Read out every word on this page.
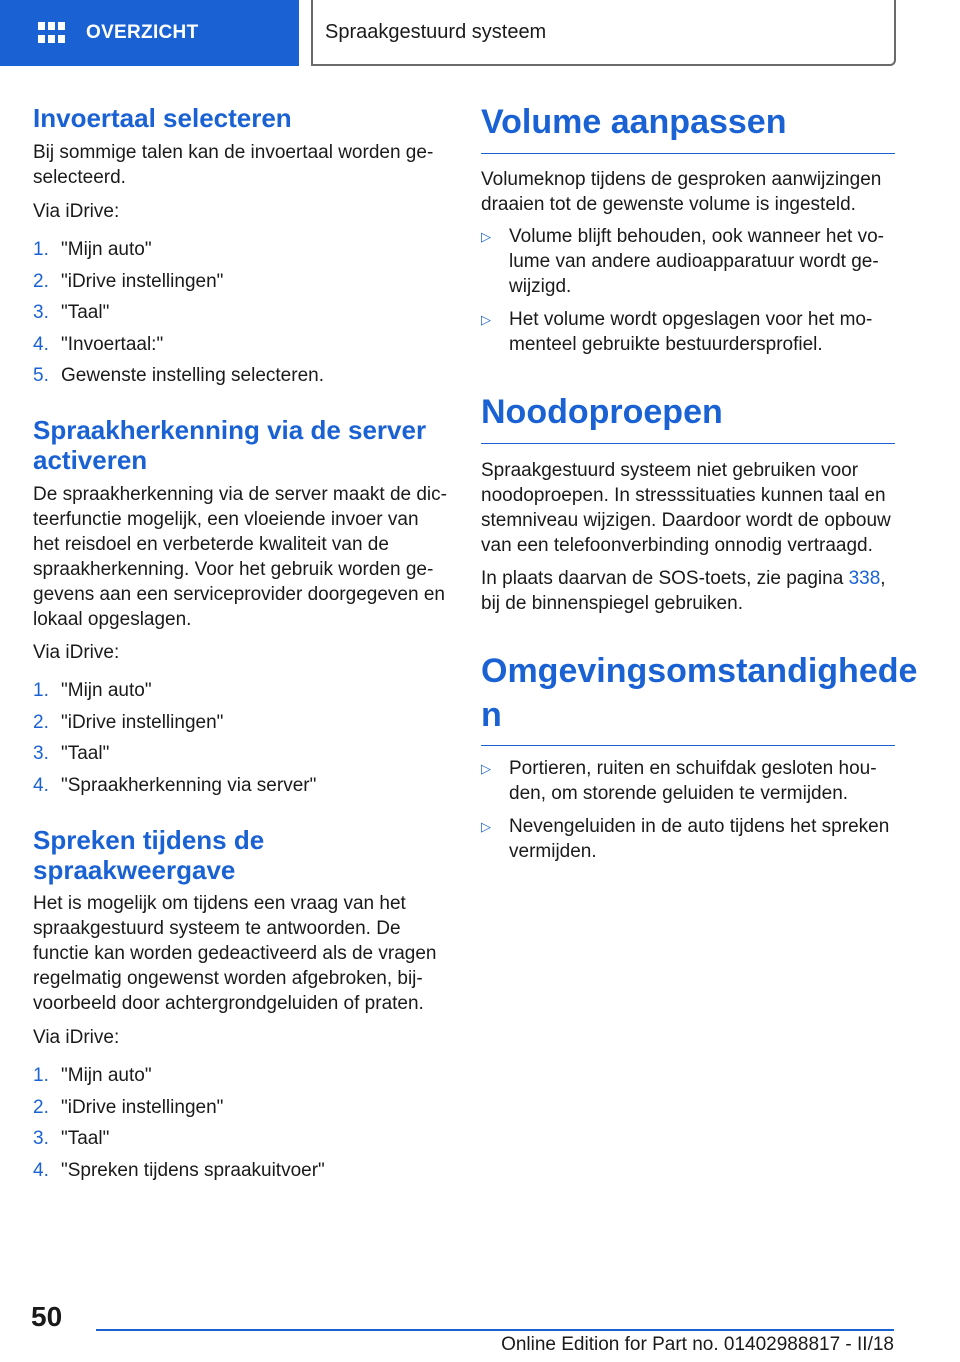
OVERZICHT	Spraakgestuurd systeem
Invoertaal selecteren

Bij sommige talen kan de invoertaal worden ge-
selecteerd.

Via iDrive:

1. "Mijn auto"
2. "iDrive instellingen"
3. "Taal"
4. "Invoertaal:"
5. Gewenste instelling selecteren.
Spraakherkenning via de server
activeren

De spraakherkenning via de server maakt de dic-
teerfunctie mogelijk, een vloeiende invoer van
het reisdoel en verbeterde kwaliteit van de
spraakherkenning. Voor het gebruik worden ge-
gevens aan een serviceprovider doorgegeven en
lokaal opgeslagen.

Via iDrive:

1. "Mijn auto"
2. "iDrive instellingen"
3. "Taal"
4. "Spraakherkenning via server"
Spreken tijdens de
spraakweergave

Het is mogelijk om tijdens een vraag van het
spraakgestuurd systeem te antwoorden. De
functie kan worden gedeactiveerd als de vragen
regelmatig ongewenst worden afgebroken, bij-
voorbeeld door achtergrondgeluiden of praten.

Via iDrive:

1. "Mijn auto"
2. "iDrive instellingen"
3. "Taal"
4. "Spreken tijdens spraakuitvoer"
Volume aanpassen

Volumeknop tijdens de gesproken aanwijzingen
draaien tot de gewenste volume is ingesteld.

▷ Volume blijft behouden, ook wanneer het vo-
lume van andere audioapparatuur wordt ge-
wijzigd.
▷ Het volume wordt opgeslagen voor het mo-
menteel gebruikte bestuurdersprofiel.
Noodoproepen

Spraakgestuurd systeem niet gebruiken voor
noodoproepen. In stresssituaties kunnen taal en
stemniveau wijzigen. Daardoor wordt de opbouw
van een telefoonverbinding onnodig vertraagd.

In plaats daarvan de SOS-toets, zie pagina 338,
bij de binnenspiegel gebruiken.

Omgevingsomstandighede
n
▷ Portieren, ruiten en schuifdak gesloten hou-
den, om storende geluiden te vermijden.
▷ Nevengeluiden in de auto tijdens het spreken
vermijden.
50
Online Edition for Part no. 01402988817 - II/18
